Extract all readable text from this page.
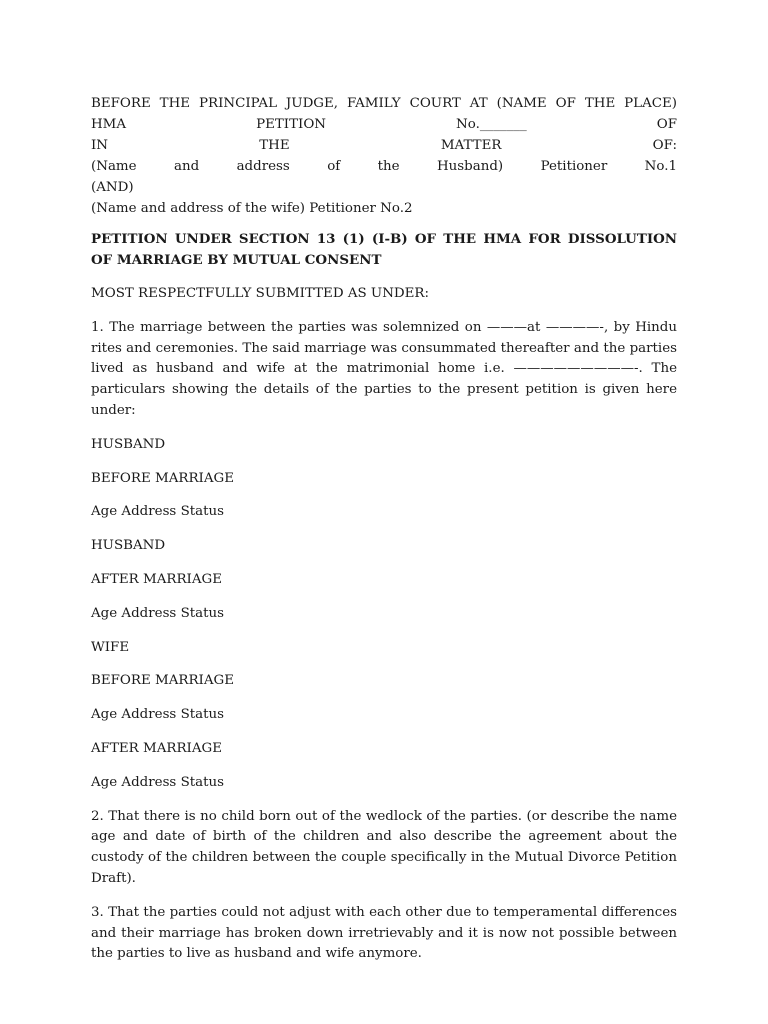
BEFORE THE PRINCIPAL JUDGE, FAMILY COURT AT (NAME OF THE PLACE)
HMA PETITION No._______ OF
IN THE MATTER OF:
(Name and address of the Husband) Petitioner No.1
(AND)
(Name and address of the wife) Petitioner No.2
PETITION UNDER SECTION 13 (1) (I-B) OF THE HMA FOR DISSOLUTION OF MARRIAGE BY MUTUAL CONSENT
MOST RESPECTFULLY SUBMITTED AS UNDER:

1. The marriage between the parties was solemnized on ———at ————-, by Hindu rites and ceremonies. The said marriage was consummated thereafter and the parties lived as husband and wife at the matrimonial home i.e. —————————-. The particulars showing the details of the parties to the present petition is given here under:

HUSBAND
BEFORE MARRIAGE
Age Address Status
HUSBAND
AFTER MARRIAGE
Age Address Status
WIFE
BEFORE MARRIAGE
Age Address Status
AFTER MARRIAGE
Age Address Status

2. That there is no child born out of the wedlock of the parties. (or describe the name age and date of birth of the children and also describe the agreement about the custody of the children between the couple specifically in the Mutual Divorce Petition Draft).

3. That the parties could not adjust with each other due to temperamental differences and their marriage has broken down irretrievably and it is now not possible between the parties to live as husband and wife anymore.
